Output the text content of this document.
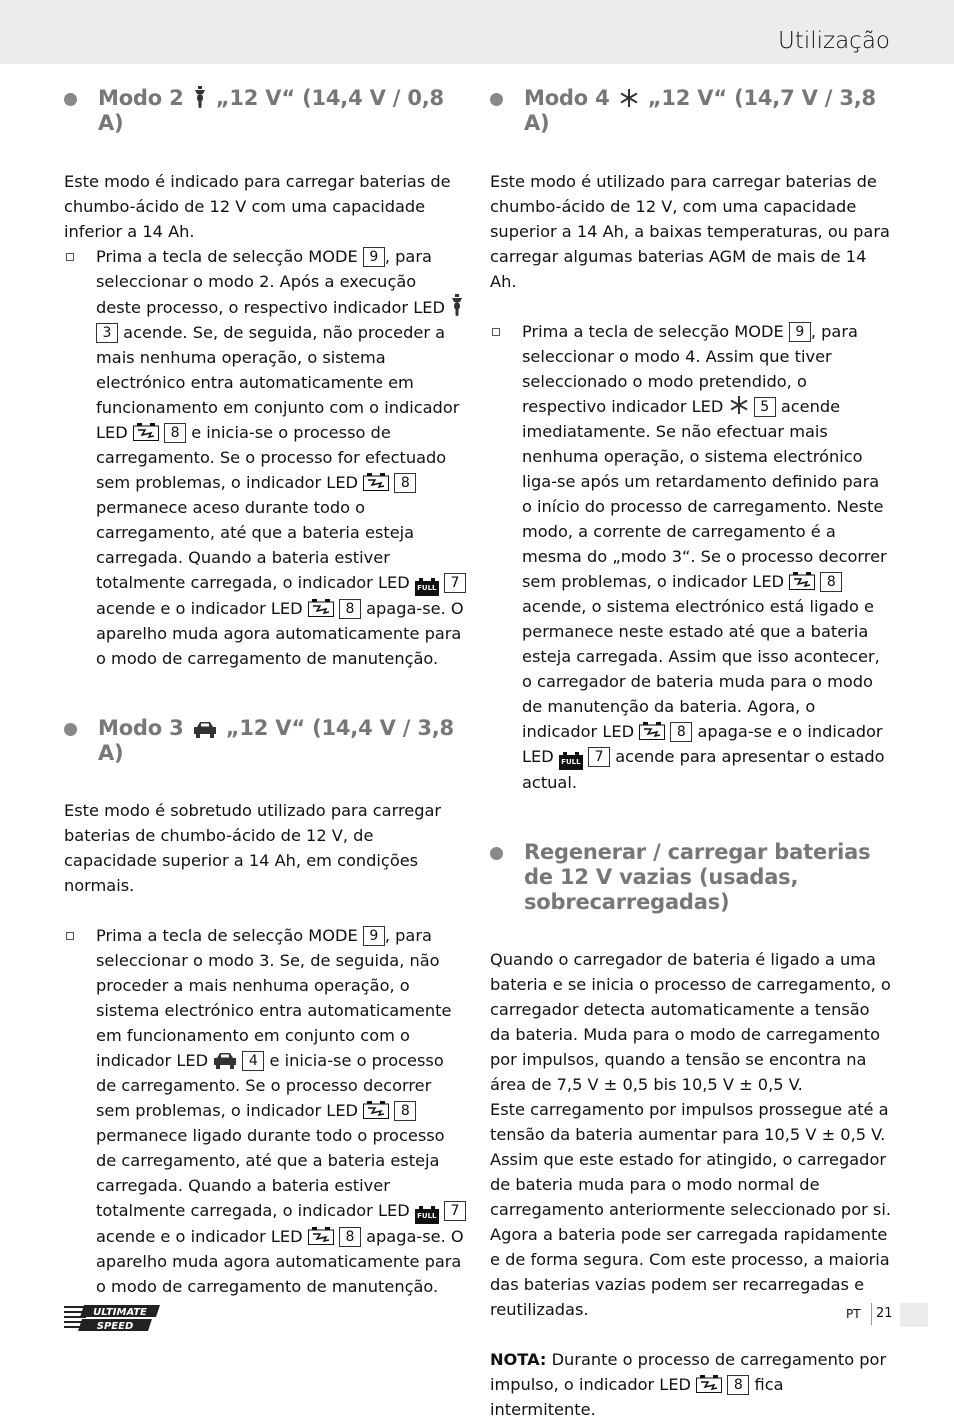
Utilização
Modo 2 „12 V“ (14,4 V / 0,8 A)

Este modo é indicado para carregar baterias de chumbo-ácido de 12 V com uma capacidade inferior a 14 Ah.

Prima a tecla de selecção MODE 9 , para seleccionar o modo 2. Após a execução deste processo, o respectivo indicador LED  3 acende. Se, de seguida, não proceder a mais nenhuma operação, o sistema electrónico entra automaticamente em funcionamento em conjunto com o indicador LED	8 e inicia-se o processo de carregamento. Se o processo for efectuado sem problemas, o indicador LED	8 permanece aceso durante todo o carregamento, até que a bateria esteja carregada. Quando a bateria estiver totalmente carregada, o indicador LED FULL 7 acende e o indicador LED	8 apaga-se. O aparelho muda agora automaticamente para o modo de carregamento de manutenção.
Modo 3 „12 V“ (14,4 V / 3,8 A)

Este modo é sobretudo utilizado para carregar baterias de chumbo-ácido de 12 V, de capacidade superior a 14 Ah, em condições normais.

Prima a tecla de selecção MODE 9 , para seleccionar o modo 3. Se, de seguida, não proceder a mais nenhuma operação, o sistema electrónico entra automaticamente em funcionamento em conjunto com o indicador LED	4 e inicia-se o processo de carregamento. Se o processo decorrer sem problemas, o indicador LED	8 permanece ligado durante todo o processo de carregamento, até que a bateria esteja carregada. Quando a bateria estiver totalmente carregada, o indicador LED FULL 7 acende e o indicador LED	8 apaga-se. O aparelho muda agora automaticamente para o modo de carregamento de manutenção.
Modo 4 „12 V“ (14,7 V / 3,8 A)

Este modo é utilizado para carregar baterias de chumbo-ácido de 12 V, com uma capacidade superior a 14 Ah, a baixas temperaturas, ou para carregar algumas baterias AGM de mais de 14 Ah.

Prima a tecla de selecção MODE 9 , para seleccionar o modo 4. Assim que tiver seleccionado o modo pretendido, o respectivo indicador LED	5 acende imediatamente. Se não efectuar mais nenhuma operação, o sistema electrónico liga-se após um retardamento definido para o início do processo de carregamento. Neste modo, a corrente de carregamento é a mesma do „modo 3“. Se o processo decorrer sem problemas, o indicador LED	8 acende, o sistema electrónico está ligado e permanece neste estado até que a bateria esteja carregada. Assim que isso acontecer, o carregador de bateria muda para o modo de manutenção da bateria. Agora, o indicador LED	8 apaga-se e o indicador LED FULL 7 acende para apresentar o estado actual.
Regenerar / carregar baterias de 12 V vazias (usadas, sobrecarregadas)

Quando o carregador de bateria é ligado a uma bateria e se inicia o processo de carregamento, o carregador detecta automaticamente a tensão da bateria. Muda para o modo de carregamento por impulsos, quando a tensão se encontra na área de 7,5 V ± 0,5 bis 10,5 V ± 0,5 V.

Este carregamento por impulsos prossegue até a tensão da bateria aumentar para 10,5 V ± 0,5 V.

Assim que este estado for atingido, o carregador de bateria muda para o modo normal de carregamento anteriormente seleccionado por si.

Agora a bateria pode ser carregada rapidamente e de forma segura. Com este processo, a maioria das baterias vazias podem ser recarregadas e reutilizadas.

NOTA: Durante o processo de carregamento por impulso, o indicador LED	8 fica intermitente.

ULTIMATE
SPEED
PT 21
